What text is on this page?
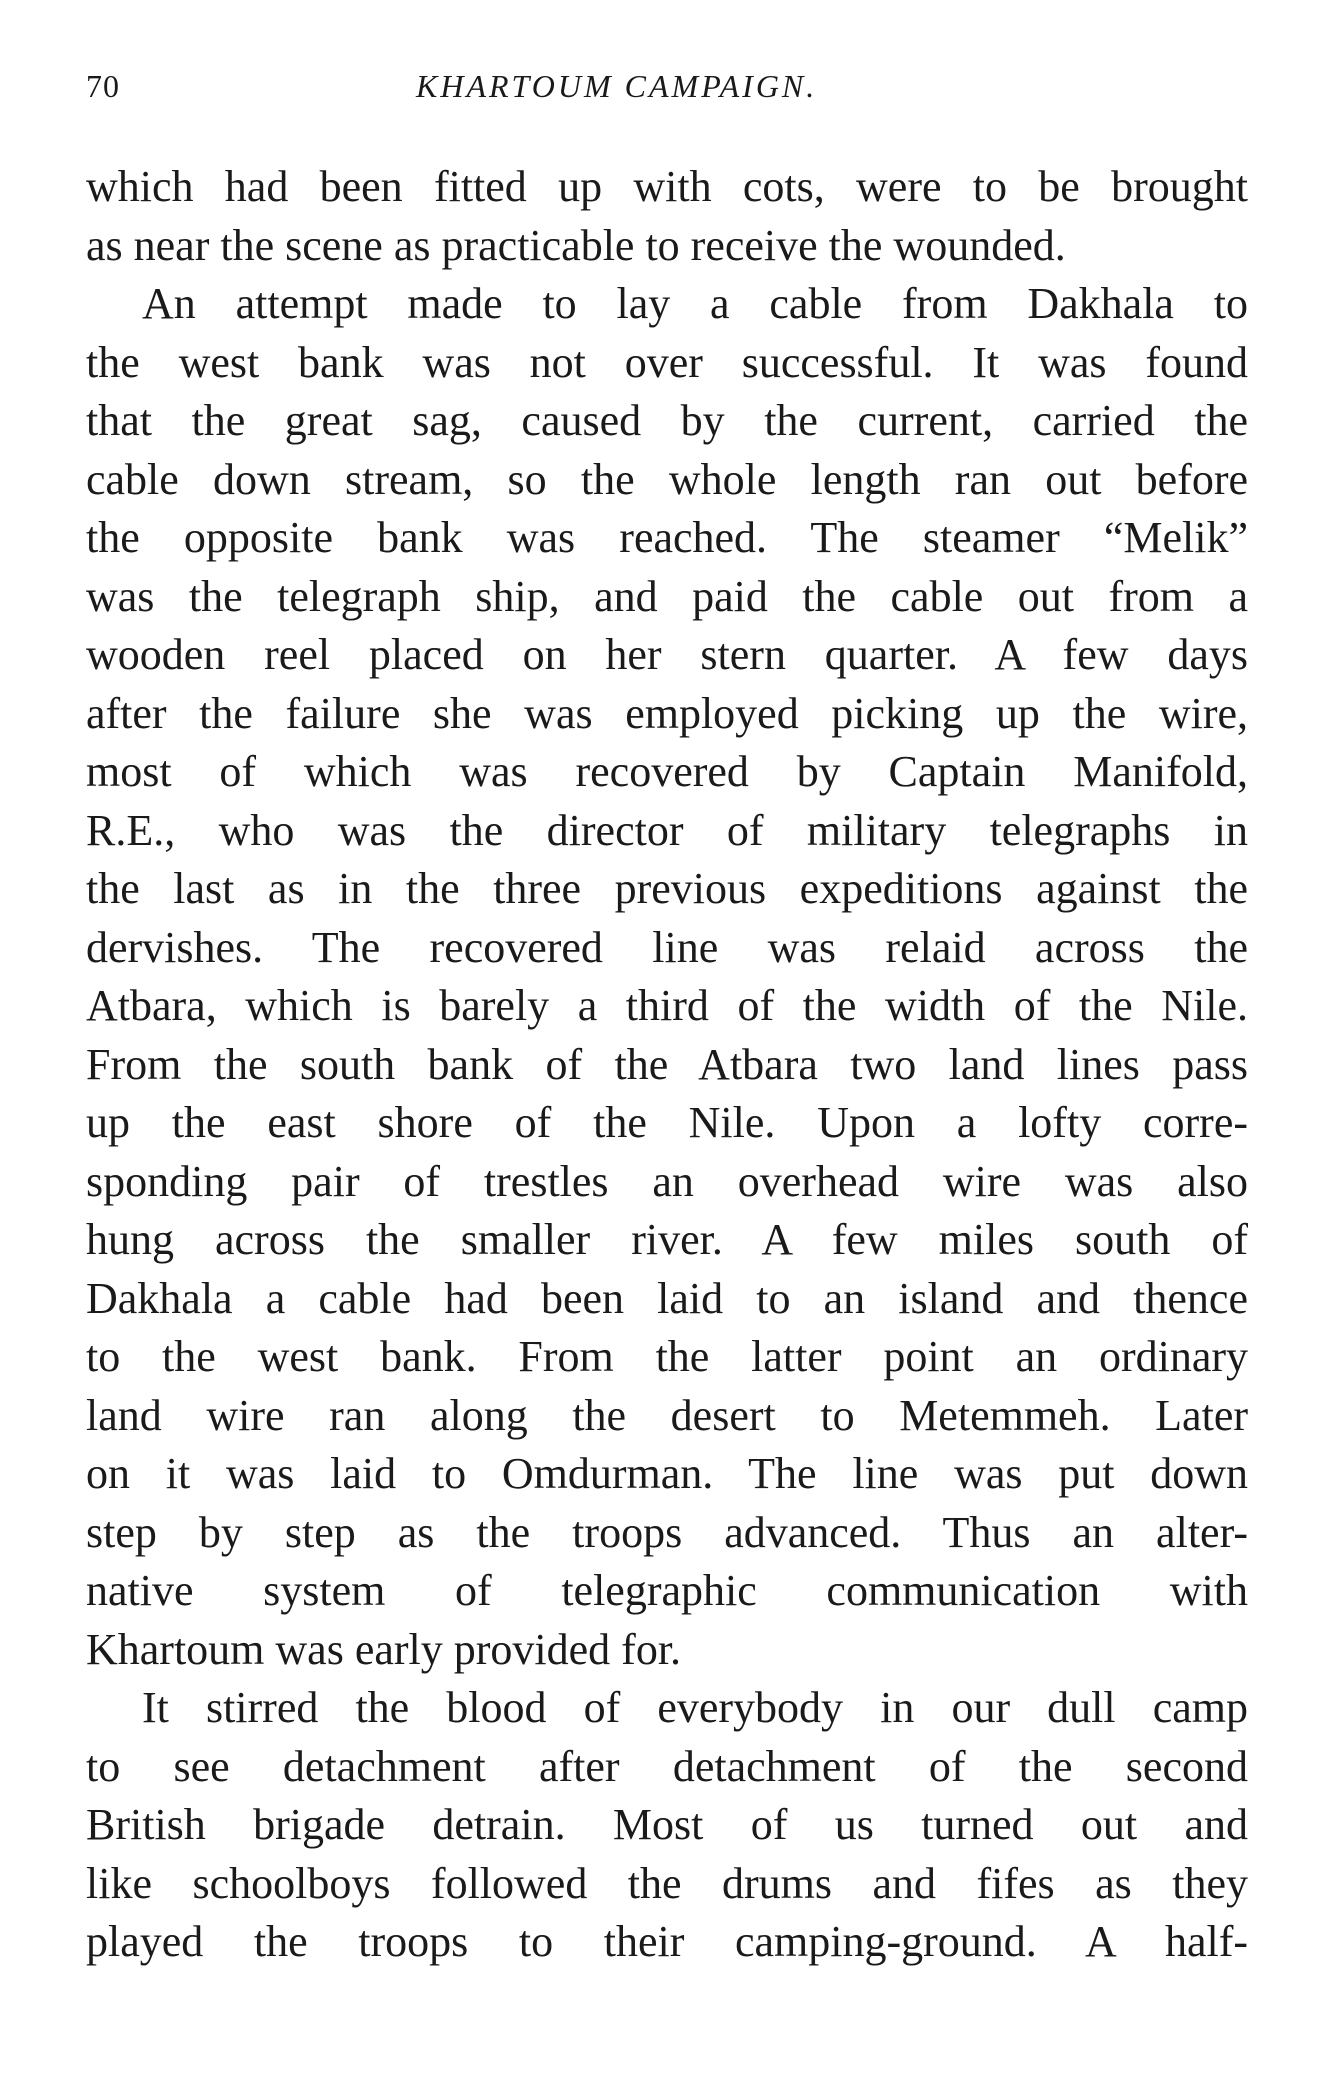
70	KHARTOUM CAMPAIGN.
which had been fitted up with cots, were to be brought
as near the scene as practicable to receive the wounded.
An attempt made to lay a cable from Dakhala to
the west bank was not over successful. It was found
that the great sag, caused by the current, carried the
cable down stream, so the whole length ran out before
the opposite bank was reached. The steamer “Melik”
was the telegraph ship, and paid the cable out from a
wooden reel placed on her stern quarter. A few days
after the failure she was employed picking up the wire,
most of which was recovered by Captain Manifold,
R.E., who was the director of military telegraphs in
the last as in the three previous expeditions against the
dervishes. The recovered line was relaid across the
Atbara, which is barely a third of the width of the Nile.
From the south bank of the Atbara two land lines pass
up the east shore of the Nile. Upon a lofty corre-
sponding pair of trestles an overhead wire was also
hung across the smaller river. A few miles south of
Dakhala a cable had been laid to an island and thence
to the west bank. From the latter point an ordinary
land wire ran along the desert to Metemmeh. Later
on it was laid to Omdurman. The line was put down
step by step as the troops advanced. Thus an alter-
native system of telegraphic communication with
Khartoum was early provided for.
It stirred the blood of everybody in our dull camp
to see detachment after detachment of the second
British brigade detrain. Most of us turned out and
like schoolboys followed the drums and fifes as they
played the troops to their camping-ground. A half-
